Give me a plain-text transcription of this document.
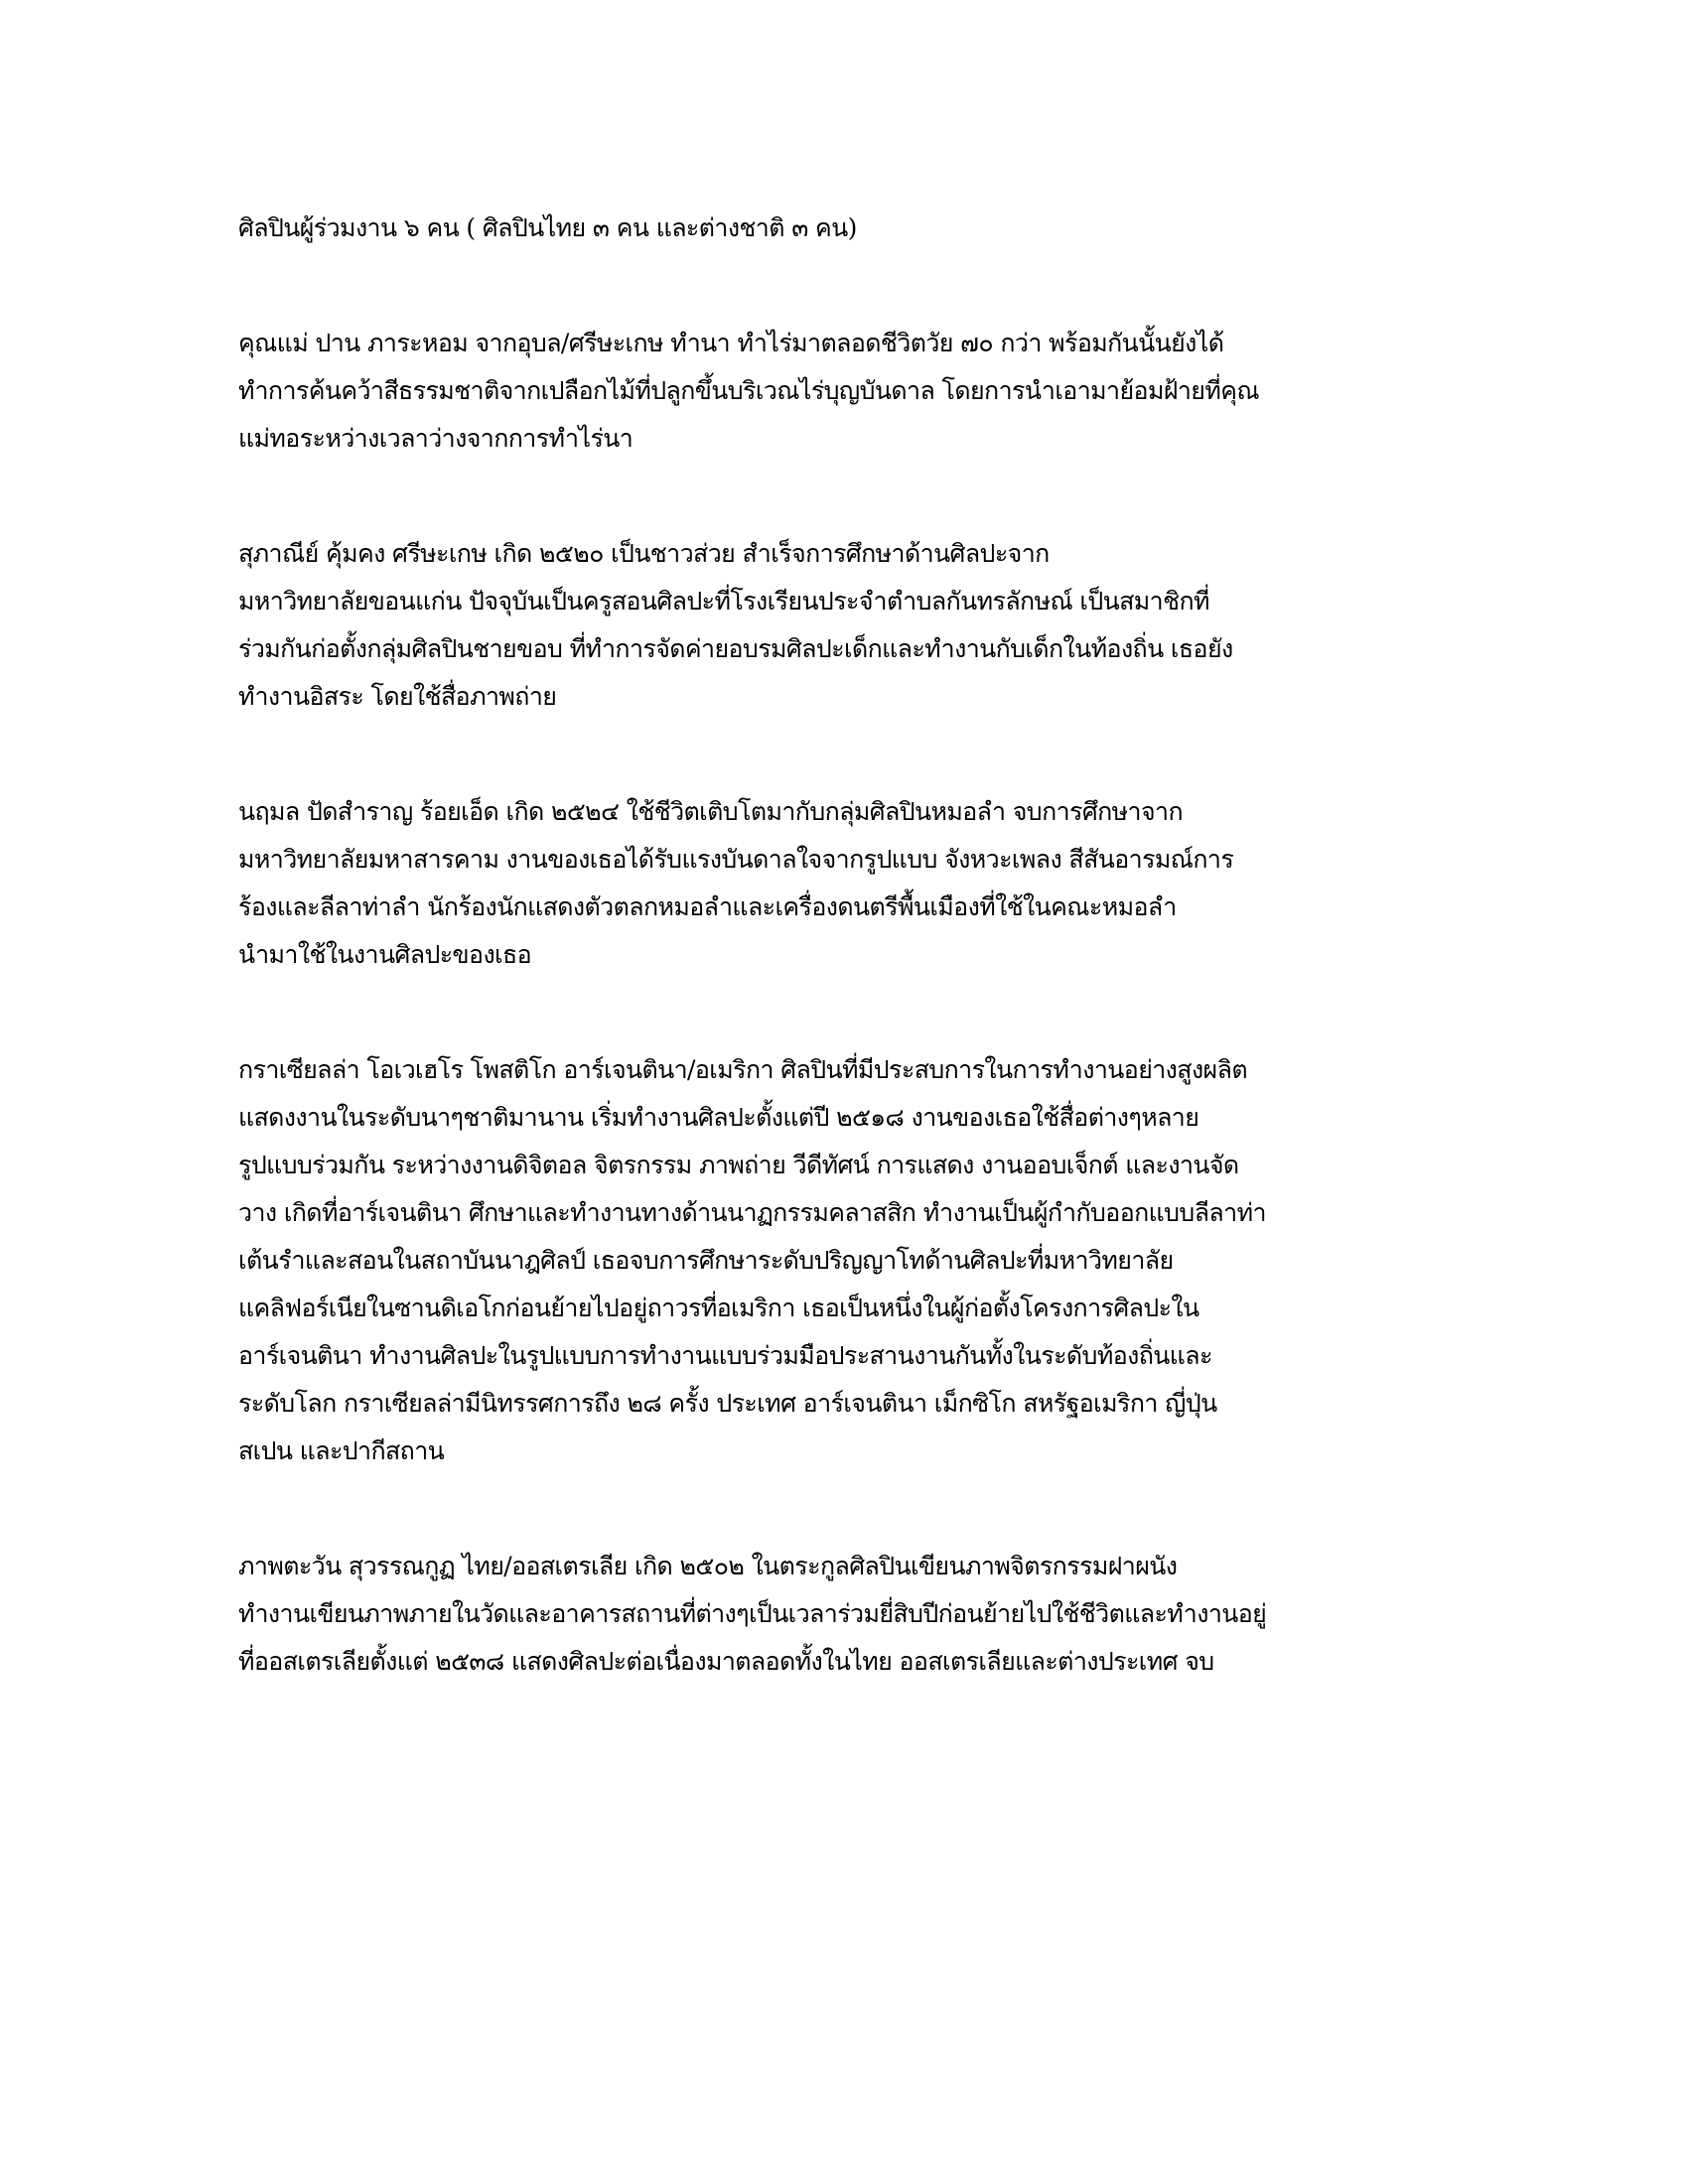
ศิลปินผู้ร่วมงาน ๖ คน ( ศิลปินไทย ๓ คน และต่างชาติ ๓ คน)
คุณแม่ ปาน ภาระหอม จากอุบล/ศรีษะเกษ ทำนา ทำไร่มาตลอดชีวิตวัย ๗๐ กว่า พร้อมกันนั้นยังได้
ทำการค้นคว้าสีธรรมชาติจากเปลือกไม้ที่ปลูกขึ้นบริเวณไร่บุญบันดาล โดยการนำเอามาย้อมฝ้ายที่คุณ
แม่ทอระหว่างเวลาว่างจากการทำไร่นา
สุภาณีย์ คุ้มคง ศรีษะเกษ เกิด ๒๕๒๐ เป็นชาวส่วย สำเร็จการศึกษาด้านศิลปะจาก
มหาวิทยาลัยขอนแก่น ปัจจุบันเป็นครูสอนศิลปะที่โรงเรียนประจำตำบลกันทรลักษณ์ เป็นสมาชิกที่
ร่วมกันก่อตั้งกลุ่มศิลปินชายขอบ ที่ทำการจัดค่ายอบรมศิลปะเด็กและทำงานกับเด็กในท้องถิ่น เธอยัง
ทำงานอิสระ โดยใช้สื่อภาพถ่าย
นฤมล ปัดสำราญ ร้อยเอ็ด เกิด ๒๕๒๔ ใช้ชีวิตเติบโตมากับกลุ่มศิลปินหมอลำ จบการศึกษาจาก
มหาวิทยาลัยมหาสารคาม งานของเธอได้รับแรงบันดาลใจจากรูปแบบ จังหวะเพลง สีสันอารมณ์การ
ร้องและลีลาท่าลำ นักร้องนักแสดงตัวตลกหมอลำและเครื่องดนตรีพื้นเมืองที่ใช้ในคณะหมอลำ
นำมาใช้ในงานศิลปะของเธอ
กราเซียลล่า โอเวเฮโร โพสติโก อาร์เจนตินา/อเมริกา ศิลปินที่มีประสบการในการทำงานอย่างสูงผลิต
แสดงงานในระดับนาๆชาติมานาน เริ่มทำงานศิลปะตั้งแต่ปี ๒๕๑๘ งานของเธอใช้สื่อต่างๆหลาย
รูปแบบร่วมกัน ระหว่างงานดิจิตอล จิตรกรรม ภาพถ่าย วีดีทัศน์ การแสดง งานออบเจ็กต์ และงานจัด
วาง เกิดที่อาร์เจนตินา ศึกษาและทำงานทางด้านนาฏกรรมคลาสสิก ทำงานเป็นผู้กำกับออกแบบลีลาท่า
เต้นรำและสอนในสถาบันนาฎศิลป์ เธอจบการศึกษาระดับปริญญาโทด้านศิลปะที่มหาวิทยาลัย
แคลิฟอร์เนียในซานดิเอโกก่อนย้ายไปอยู่ถาวรที่อเมริกา เธอเป็นหนึ่งในผู้ก่อตั้งโครงการศิลปะใน
อาร์เจนตินา ทำงานศิลปะในรูปแบบการทำงานแบบร่วมมือประสานงานกันทั้งในระดับท้องถิ่นและ
ระดับโลก กราเซียลล่ามีนิทรรศการถึง ๒๘ ครั้ง ประเทศ อาร์เจนตินา เม็กซิโก สหรัฐอเมริกา ญี่ปุ่น
สเปน และปากีสถาน
ภาพตะวัน สุวรรณกูฏ ไทย/ออสเตรเลีย เกิด ๒๕๐๒ ในตระกูลศิลปินเขียนภาพจิตรกรรมฝาผนัง
ทำงานเขียนภาพภายในวัดและอาคารสถานที่ต่างๆเป็นเวลาร่วมยี่สิบปีก่อนย้ายไปใช้ชีวิตและทำงานอยู่
ที่ออสเตรเลียตั้งแต่ ๒๕๓๘ แสดงศิลปะต่อเนื่องมาตลอดทั้งในไทย ออสเตรเลียและต่างประเทศ จบ
